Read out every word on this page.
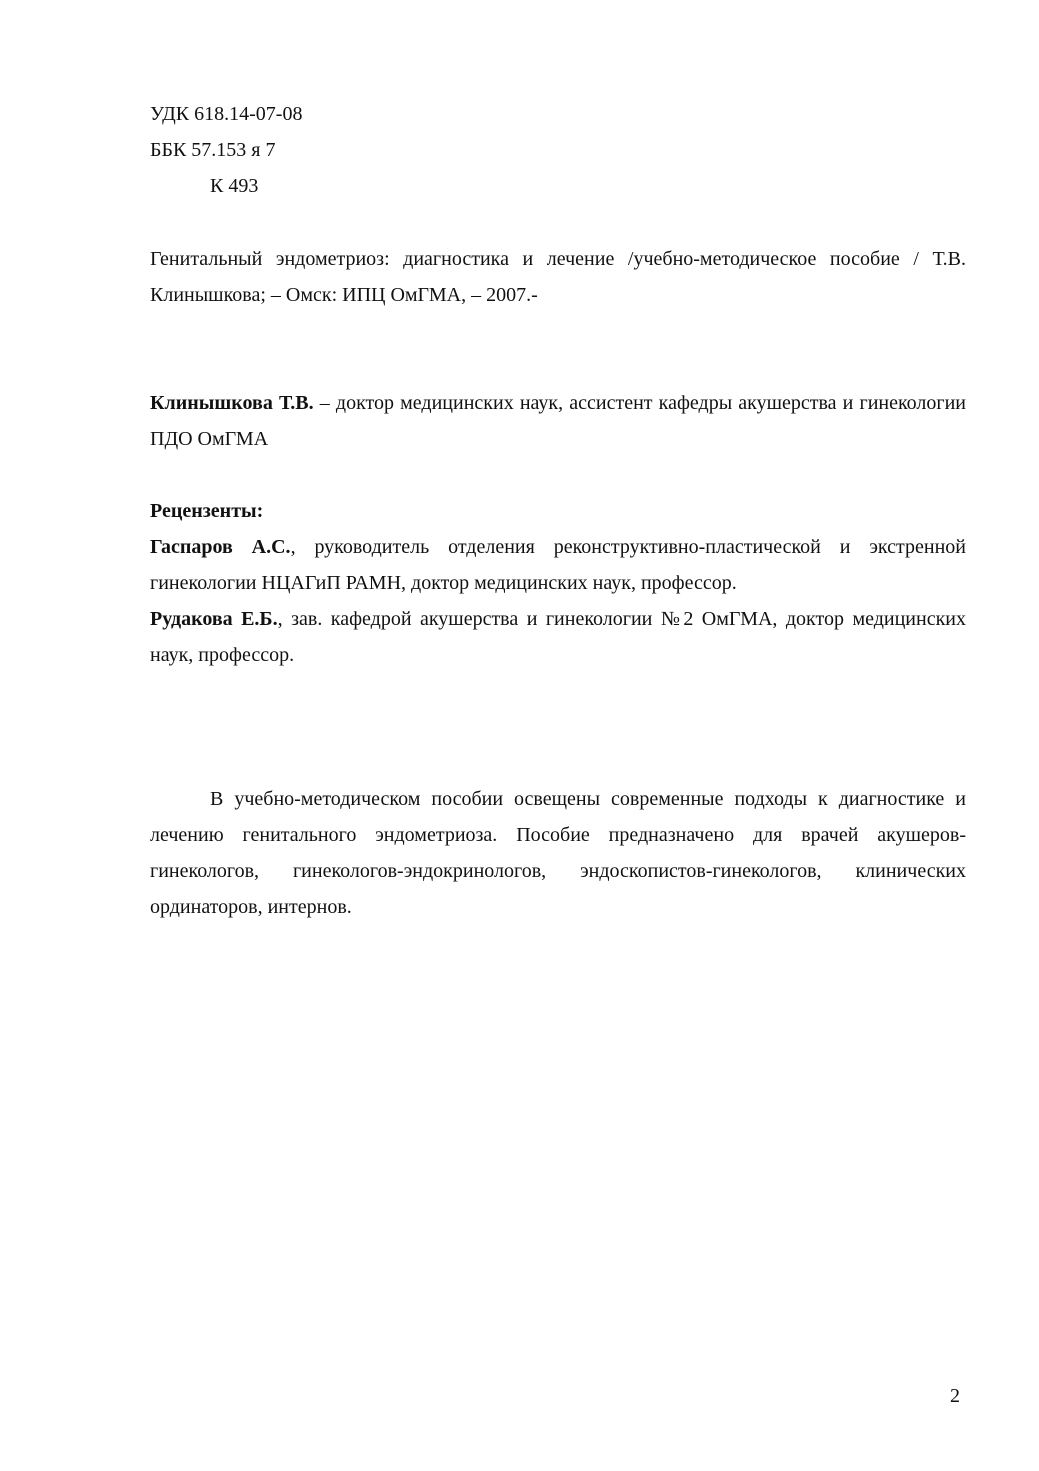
УДК 618.14-07-08
ББК 57.153 я 7
К 493

Генитальный эндометриоз: диагностика и лечение /учебно-методическое пособие / Т.В. Клинышкова; – Омск: ИПЦ ОмГМА, – 2007.-

Клинышкова Т.В. – доктор медицинских наук, ассистент кафедры акушерства и гинекологии ПДО ОмГМА

Рецензенты:

Гаспаров А.С., руководитель отделения реконструктивно-пластической и экстренной гинекологии НЦАГиП РАМН, доктор медицинских наук, профессор.

Рудакова Е.Б., зав. кафедрой акушерства и гинекологии №2 ОмГМА, доктор медицинских наук, профессор.

В учебно-методическом пособии освещены современные подходы к диагностике и лечению генитального эндометриоза. Пособие предназначено для врачей акушеров-гинекологов, гинекологов-эндокринологов, эндоскопистов-гинекологов, клинических ординаторов, интернов.

2
